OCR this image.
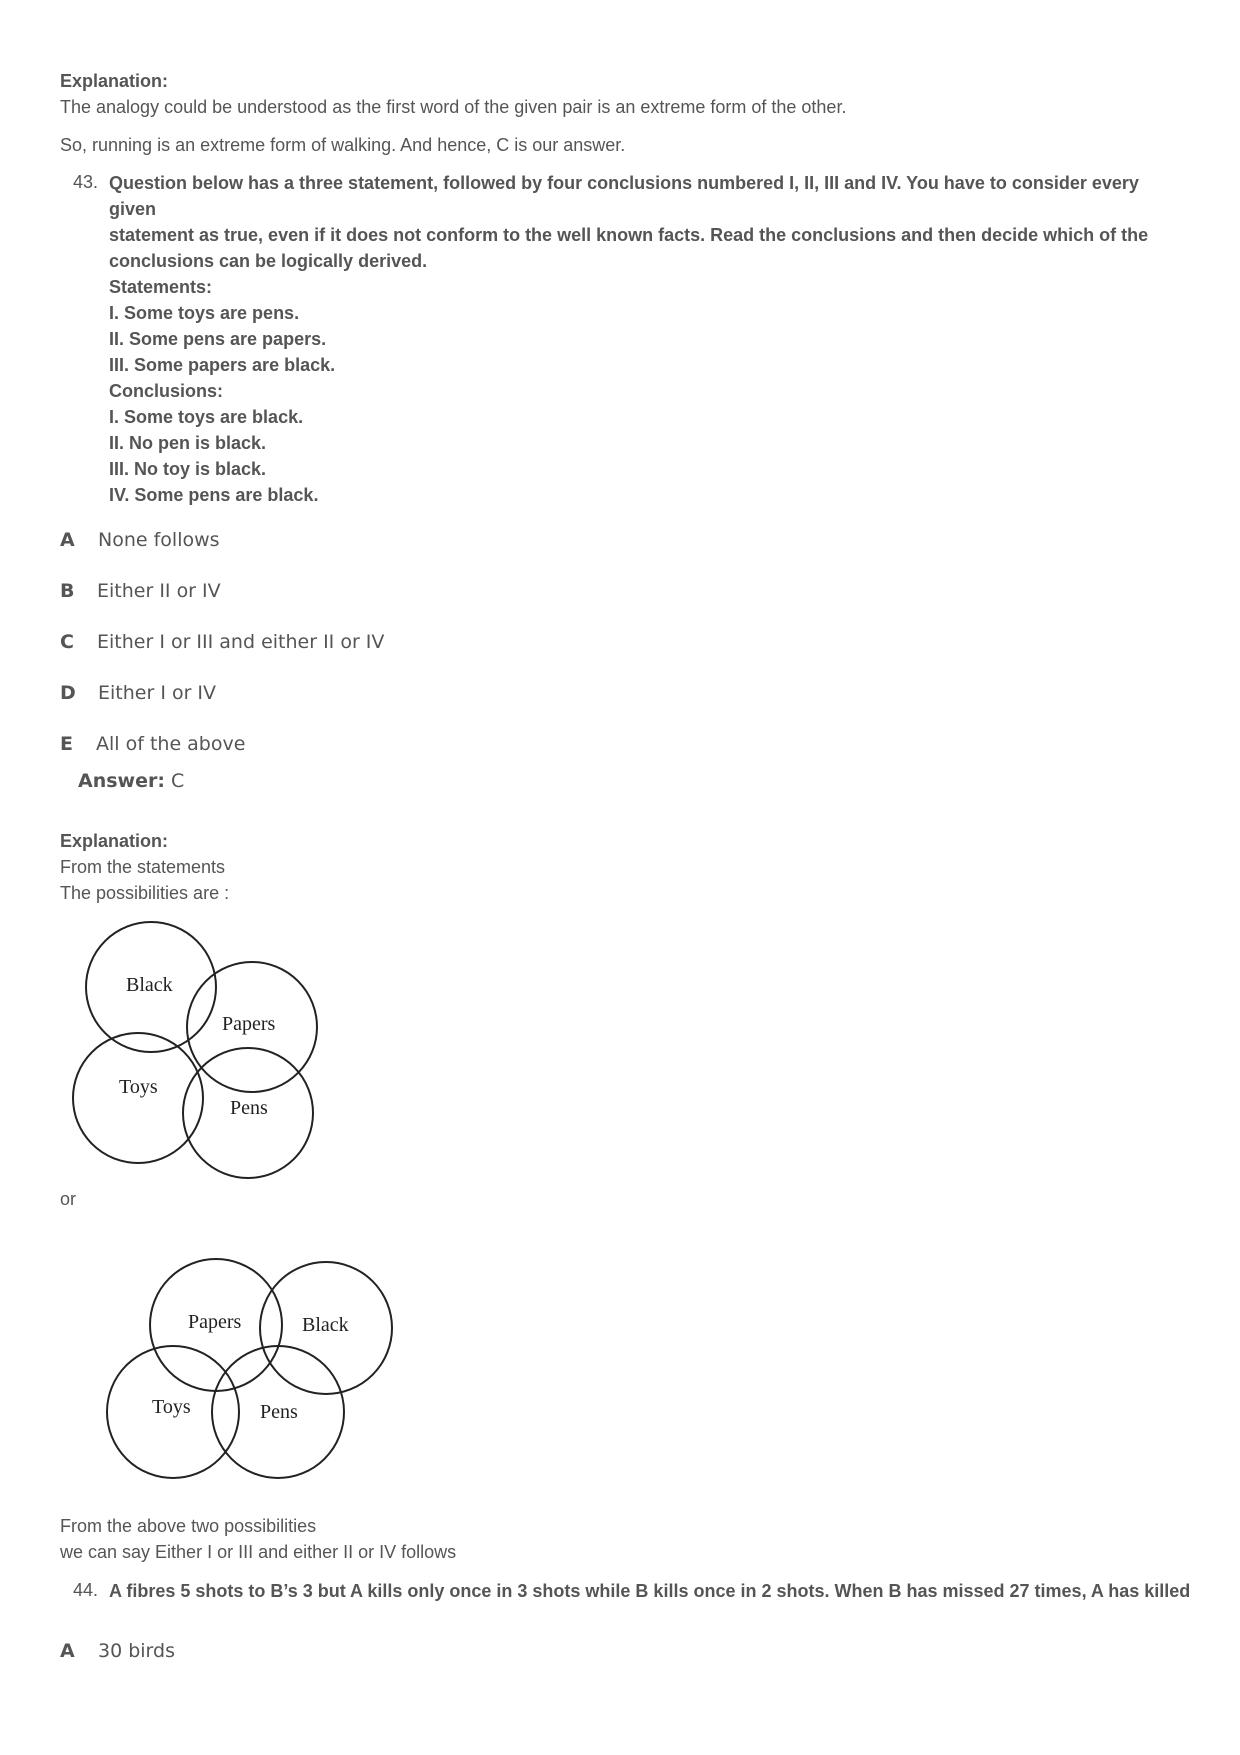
Explanation:
The analogy could be understood as the first word of the given pair is an extreme form of the other.
So, running is an extreme form of walking. And hence, C is our answer.
43. Question below has a three statement, followed by four conclusions numbered I, II, III and IV. You have to consider every given
statement as true, even if it does not conform to the well known facts. Read the conclusions and then decide which of the
conclusions can be logically derived.
Statements:
I. Some toys are pens.
II. Some pens are papers.
III. Some papers are black.
Conclusions:
I. Some toys are black.
II. No pen is black.
III. No toy is black.
IV. Some pens are black.
A None follows
B Either II or IV
C Either I or III and either II or IV
D Either I or IV
E All of the above
Answer: C
Explanation:
From the statements
The possibilities are :
Black
Papers
Toys
Pens
or
Papers	Black
Toys	Pens
From the above two possibilities
we can say Either I or III and either II or IV follows
44. A fibres 5 shots to B’s 3 but A kills only once in 3 shots while B kills once in 2 shots. When B has missed 27 times, A has killed
A 30 birds
